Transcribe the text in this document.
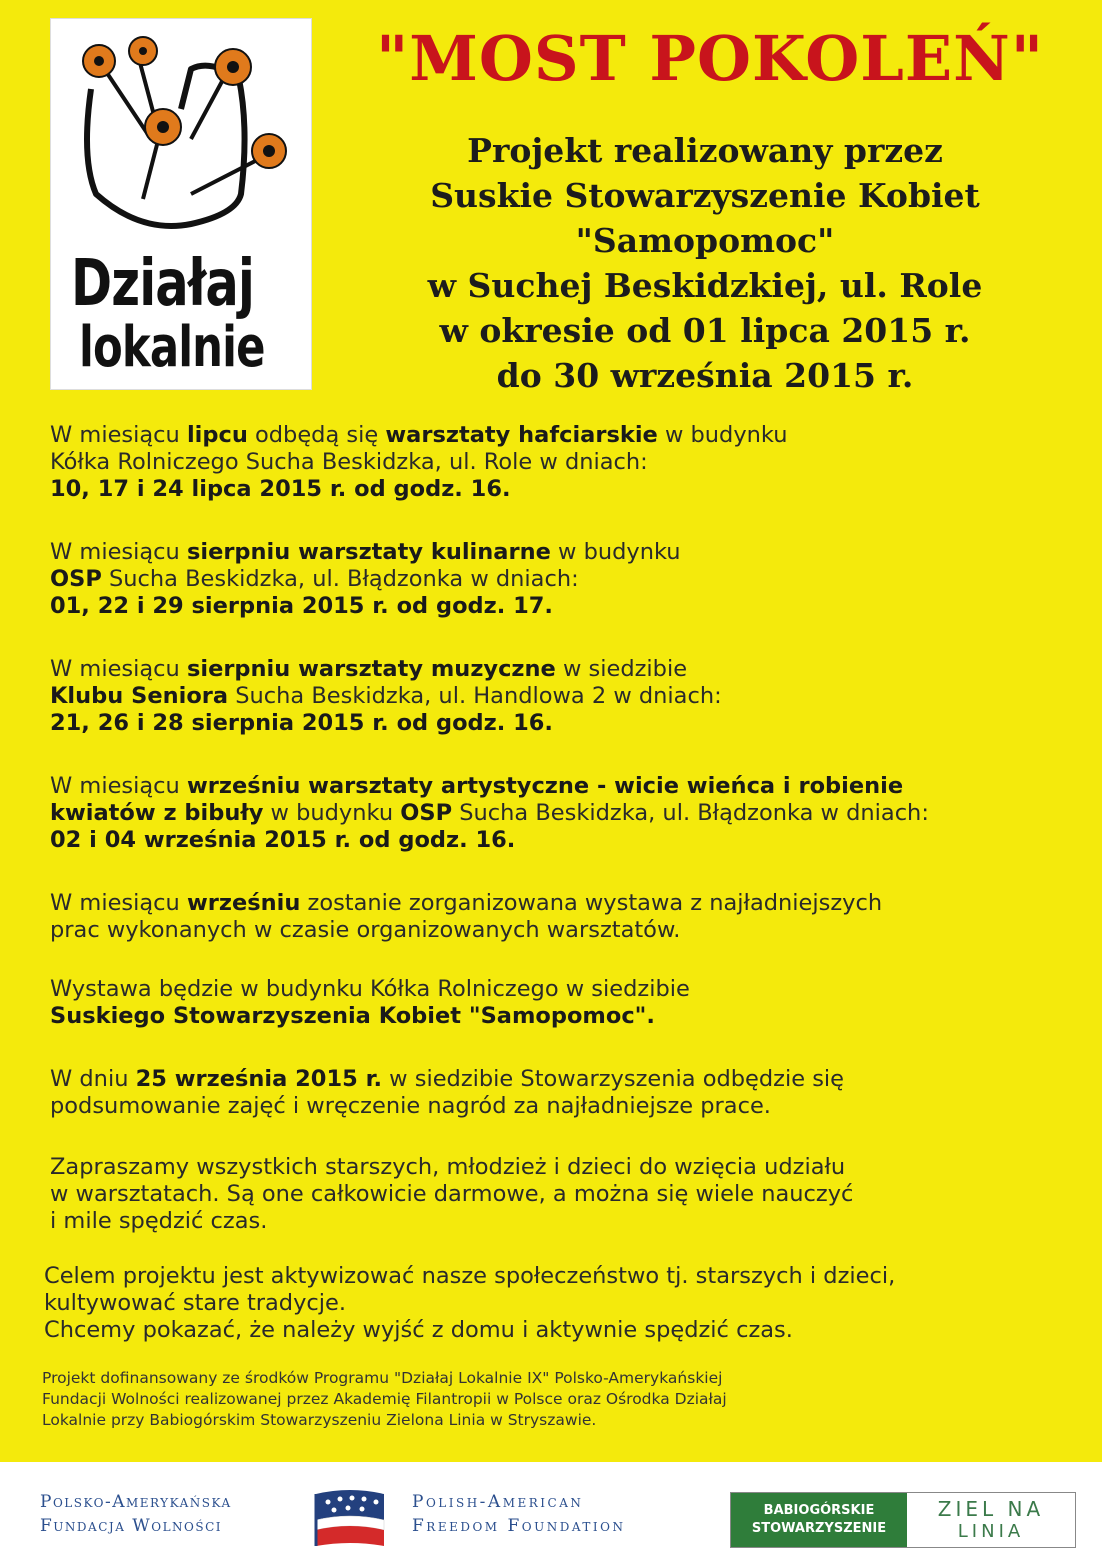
Działaj
lokalnie
"MOST POKOLEŃ"
Projekt realizowany przez
Suskie Stowarzyszenie Kobiet
"Samopomoc"
w Suchej Beskidzkiej, ul. Role
w okresie od 01 lipca 2015 r.
do 30 września 2015 r.
W miesiącu lipcu odbędą się warsztaty hafciarskie w budynku
Kółka Rolniczego Sucha Beskidzka, ul. Role w dniach:
10, 17 i 24 lipca 2015 r. od godz. 16.
W miesiącu sierpniu warsztaty kulinarne w budynku
OSP Sucha Beskidzka, ul. Błądzonka w dniach:
01, 22 i 29 sierpnia 2015 r. od godz. 17.
W miesiącu sierpniu warsztaty muzyczne w siedzibie
Klubu Seniora Sucha Beskidzka, ul. Handlowa 2 w dniach:
21, 26 i 28 sierpnia 2015 r. od godz. 16.
W miesiącu wrześniu warsztaty artystyczne - wicie wieńca i robienie
kwiatów z bibuły w budynku OSP Sucha Beskidzka, ul. Błądzonka w dniach:
02 i 04 września 2015 r. od godz. 16.
W miesiącu wrześniu zostanie zorganizowana wystawa z najładniejszych
prac wykonanych w czasie organizowanych warsztatów.
Wystawa będzie w budynku Kółka Rolniczego w siedzibie
Suskiego Stowarzyszenia Kobiet "Samopomoc".
W dniu 25 września 2015 r. w siedzibie Stowarzyszenia odbędzie się
podsumowanie zajęć i wręczenie nagród za najładniejsze prace.
Zapraszamy wszystkich starszych, młodzież i dzieci do wzięcia udziału
w warsztatach. Są one całkowicie darmowe, a można się wiele nauczyć
i mile spędzić czas.
Celem projektu jest aktywizować nasze społeczeństwo tj. starszych i dzieci,
kultywować stare tradycje.
Chcemy pokazać, że należy wyjść z domu i aktywnie spędzić czas.
Projekt dofinansowany ze środków Programu "Działaj Lokalnie IX" Polsko-Amerykańskiej
Fundacji Wolności realizowanej przez Akademię Filantropii w Polsce oraz Ośrodka Działaj
Lokalnie przy Babiogórskim Stowarzyszeniu Zielona Linia w Stryszawie.
Polsko-Amerykańska
Fundacja Wolności
Polish-American
Freedom Foundation
BABIOGÓRSKIE
STOWARZYSZENIE
ZIEL NA
LINIA
